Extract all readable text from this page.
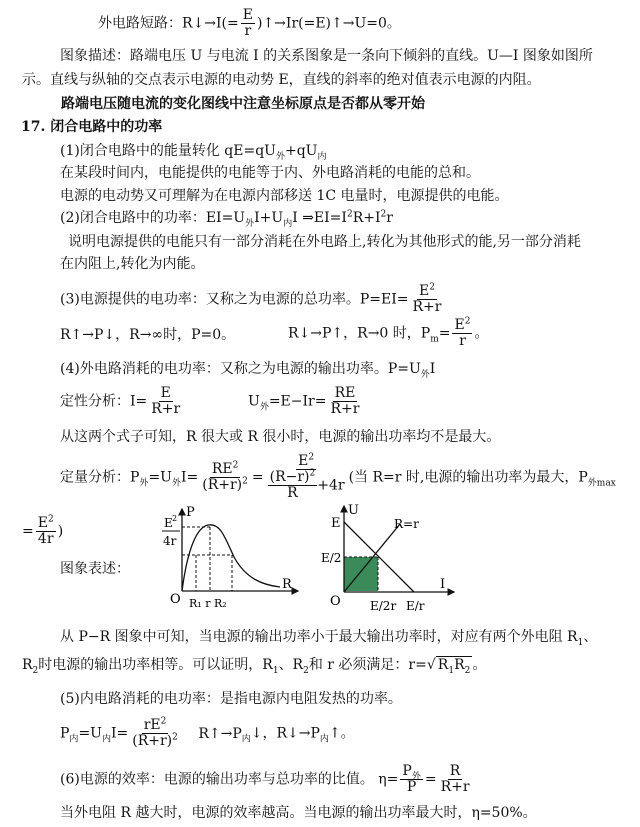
外电路短路：R↓→I(= $\frac{E}{r}$ )↑→Ir(=E)↑→U=0。
图象描述：路端电压 U 与电流 I 的关系图象是一条向下倾斜的直线。U—I 图象如图所
示。直线与纵轴的交点表示电源的电动势 E，直线的斜率的绝对值表示电源的内阻。
路端电压随电流的变化图线中注意坐标原点是否都从零开始
17. 闭合电路中的功率
(1)闭合电路中的能量转化 $qE=qU_外+qU_内$
在某段时间内，电能提供的电能等于内、外电路消耗的电能的总和。
电源的电动势又可理解为在电源内部移送 1C 电量时，电源提供的电能。
(2)闭合电路中的功率：$EI=U_外I+U_内I$ $\Rightarrow EI=I^2R+I^2r$
说明电源提供的电能只有一部分消耗在外电路上,转化为其他形式的能,另一部分消耗
在内阻上,转化为内能。
(3)电源提供的电功率：又称之为电源的总功率。$P=EI= \frac{E^2}{R+r}$
R↑→P↓，R→∞时，P=0。	R↓→P↑，R→0 时，$P_m= \frac{E^2}{r}$ 。
(4)外电路消耗的电功率：又称之为电源的输出功率。$P=U_外I$
定性分析：$I= \frac{E}{R+r}$	$U_外=E-Ir= \frac{RE}{R+r}$
从这两个式子可知，R 很大或 R 很小时，电源的输出功率均不是最大。
定量分析：$P_外=U_外I= \frac{RE^2}{(R+r)^2} = \frac{E^2}{\frac{(R-r)^2}{R} +4r}$ (当 R=r 时,电源的输出功率为最大，$P_{外max}$
= $\frac{E^2}{4r}$ )
图象表述：
P
R
O
E 2
4r
R₁ r R₂
U
I
O
E
E/2
R=r
E/2r E/r
从 P−R 图象中可知，当电源的输出功率小于最大输出功率时，对应有两个外电阻 $R_1$、
$R_2$时电源的输出功率相等。可以证明，$R_1$、$R_2$和 r 必须满足：r=√ $R_1R_2$ 。
(5)内电路消耗的电功率：是指电源内电阻发热的功率。
$P_内=U_内I= \frac{rE^2}{(R+r)^2}$ $R↑\to P_内↓$，$R↓\to P_内↑$。
(6)电源的效率：电源的输出功率与总功率的比值。 $\eta= \frac{P_外}{P} = \frac{R}{R+r}$
当外电阻 R 越大时，电源的效率越高。当电源的输出功率最大时，η=50%。
